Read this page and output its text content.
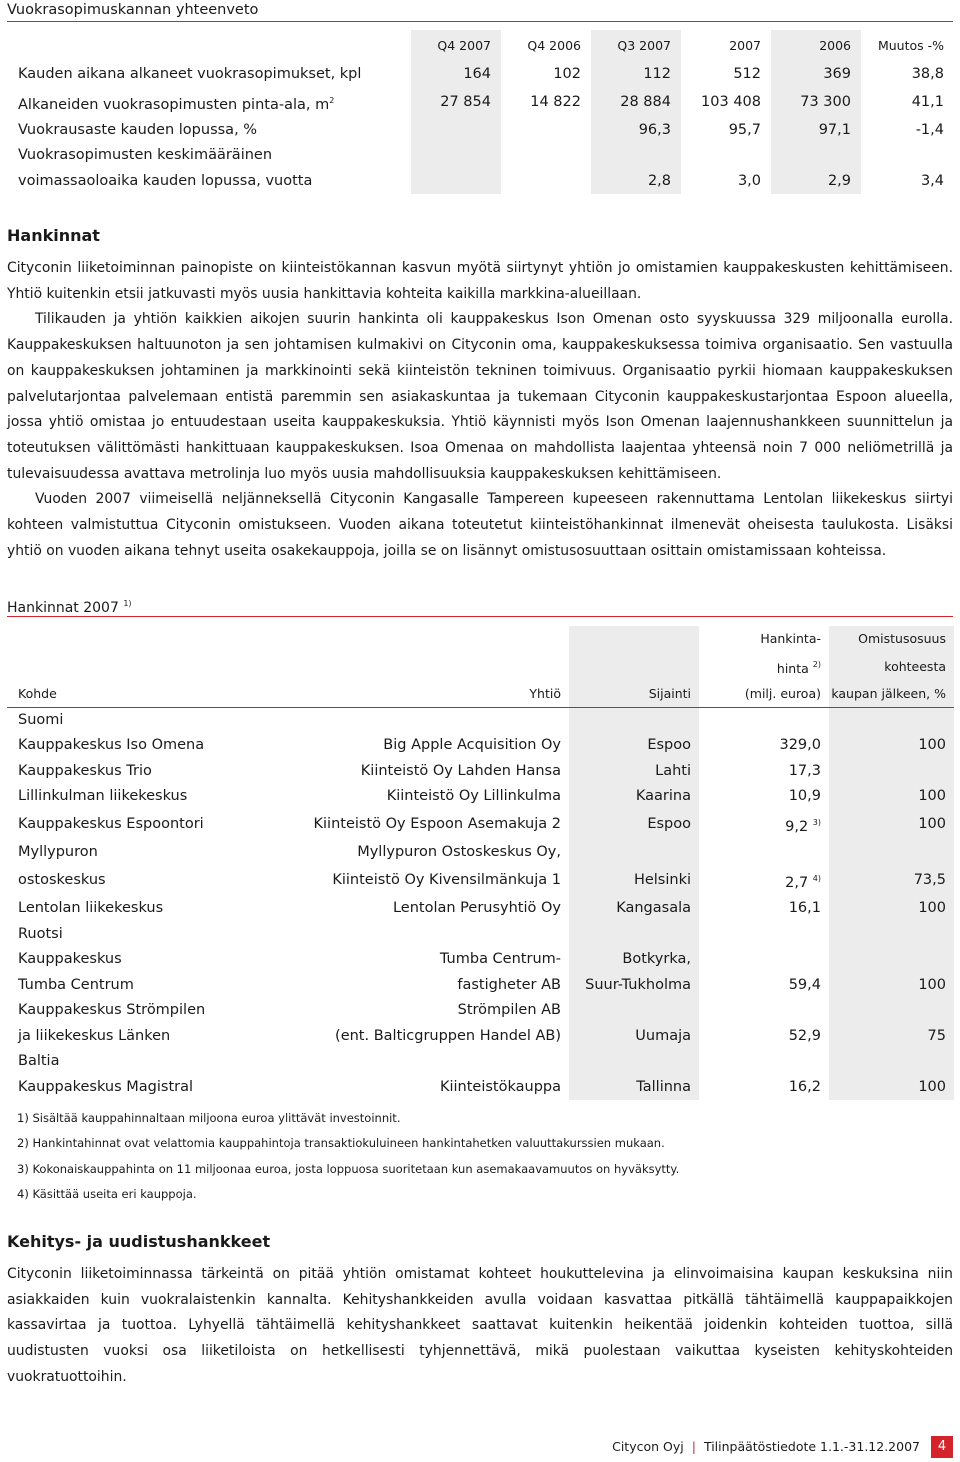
Vuokrasopimuskannan yhteenveto
	Q4 2007	Q4 2006	Q3 2007	2007	2006	Muutos -%
Kauden aikana alkaneet vuokrasopimukset, kpl	164	102	112	512	369	38,8
Alkaneiden vuokrasopimusten pinta-ala, $m^2$	27 854	14 822	28 884	103 408	73 300	41,1
Vuokrausaste kauden lopussa, %			96,3	95,7	97,1	-1,4
Vuokrasopimusten keskimääräinen						
voimassaoloaika kauden lopussa, vuotta			2,8	3,0	2,9	3,4
Hankinnat

Cityconin liiketoiminnan painopiste on kiinteistökannan kasvun myötä siirtynyt yhtiön jo omistamien kauppakeskusten kehittämiseen. Yhtiö kuitenkin etsii jatkuvasti myös uusia hankittavia kohteita kaikilla markkina-alueillaan.

Tilikauden ja yhtiön kaikkien aikojen suurin hankinta oli kauppakeskus Ison Omenan osto syyskuussa 329 miljoonalla eurolla. Kauppakeskuksen haltuunoton ja sen johtamisen kulmakivi on Cityconin oma, kauppakeskuksessa toimiva organisaatio. Sen vastuulla on kauppakeskuksen johtaminen ja markkinointi sekä kiinteistön tekninen toimivuus. Organisaatio pyrkii hiomaan kauppakeskuksen palvelutarjontaa palvelemaan entistä paremmin sen asiakaskuntaa ja tukemaan Cityconin kauppakeskustarjontaa Espoon alueella, jossa yhtiö omistaa jo entuudestaan useita kauppakeskuksia. Yhtiö käynnisti myös Ison Omenan laajennushankkeen suunnittelun ja toteutuksen välittömästi hankittuaan kauppakeskuksen. Isoa Omenaa on mahdollista laajentaa yhteensä noin 7 000 neliömetrillä ja tulevaisuudessa avattava metrolinja luo myös uusia mahdollisuuksia kauppakeskuksen kehittämiseen.

Vuoden 2007 viimeisellä neljänneksellä Cityconin Kangasalle Tampereen kupeeseen rakennuttama Lentolan liikekeskus siirtyi kohteen valmistuttua Cityconin omistukseen. Vuoden aikana toteutetut kiinteistöhankinnat ilmenevät oheisesta taulukosta. Lisäksi yhtiö on vuoden aikana tehnyt useita osakekauppoja, joilla se on lisännyt omistusosuuttaan osittain omistamissaan kohteissa.

Hankinnat 2007 $^{1)}$
			Hankinta-	Omistusosuus
			hinta $^{2)}$	kohteesta
Kohde	Yhtiö	Sijainti	(milj. euroa)	kaupan jälkeen, %
Suomi				
Kauppakeskus Iso Omena	Big Apple Acquisition Oy	Espoo	329,0	100
Kauppakeskus Trio	Kiinteistö Oy Lahden Hansa	Lahti	17,3	
Lillinkulman liikekeskus	Kiinteistö Oy Lillinkulma	Kaarina	10,9	100
Kauppakeskus Espoontori	Kiinteistö Oy Espoon Asemakuja 2	Espoo	9,2 $^{3)}$	100
Myllypuron	Myllypuron Ostoskeskus Oy,			
ostoskeskus	Kiinteistö Oy Kivensilmänkuja 1	Helsinki	2,7 $^{4)}$	73,5
Lentolan liikekeskus	Lentolan Perusyhtiö Oy	Kangasala	16,1	100
Ruotsi				
Kauppakeskus	Tumba Centrum-	Botkyrka,		
Tumba Centrum	fastigheter AB	Suur-Tukholma	59,4	100
Kauppakeskus Strömpilen	Strömpilen AB			
ja liikekeskus Länken	(ent. Balticgruppen Handel AB)	Uumaja	52,9	75
Baltia				
Kauppakeskus Magistral	Kiinteistökauppa	Tallinna	16,2	100
1) Sisältää kauppahinnaltaan miljoona euroa ylittävät investoinnit.
2) Hankintahinnat ovat velattomia kauppahintoja transaktiokuluineen hankintahetken valuuttakurssien mukaan.
3) Kokonaiskauppahinta on 11 miljoonaa euroa, josta loppuosa suoritetaan kun asemakaavamuutos on hyväksytty.
4) Käsittää useita eri kauppoja.
Kehitys- ja uudistushankkeet

Cityconin liiketoiminnassa tärkeintä on pitää yhtiön omistamat kohteet houkuttelevina ja elinvoimaisina kaupan keskuksina niin asiakkaiden kuin vuokralaistenkin kannalta. Kehityshankkeiden avulla voidaan kasvattaa pitkällä tähtäimellä kauppapaikkojen kassavirtaa ja tuottoa. Lyhyellä tähtäimellä kehityshankkeet saattavat kuitenkin heikentää joidenkin kohteiden tuottoa, sillä uudistusten vuoksi osa liiketiloista on hetkellisesti tyhjennettävä, mikä puolestaan vaikuttaa kyseisten kehityskohteiden vuokratuottoihin.

Citycon Oyj | Tilinpäätöstiedote 1.1.-31.12.2007	4
